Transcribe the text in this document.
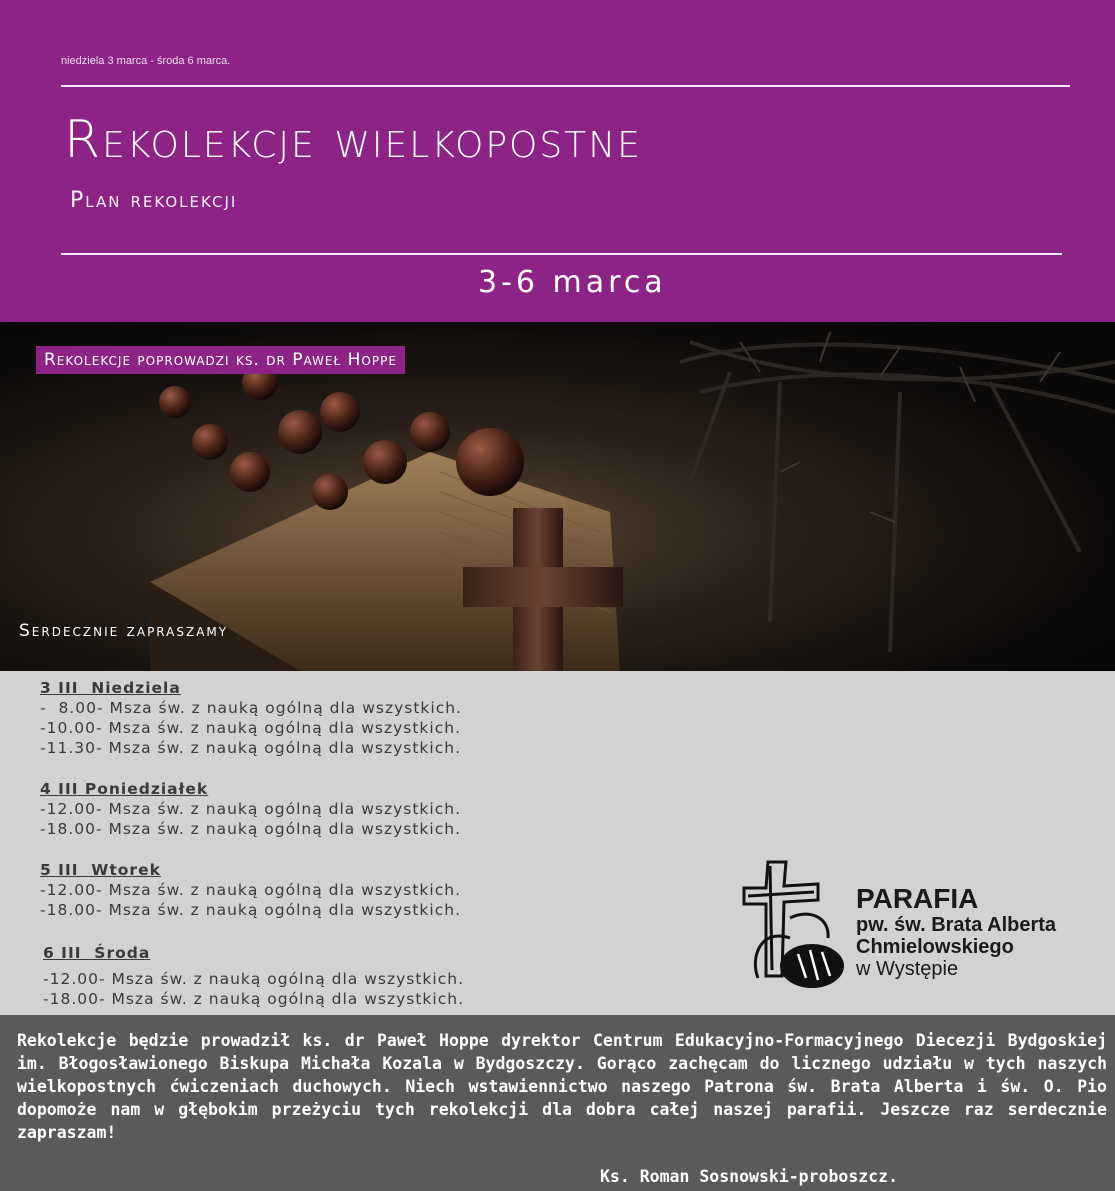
niedziela 3 marca - środa 6 marca.
Rekolekcje wielkopostne
Plan rekolekcji
3-6 marca
Rekolekcje poprowadzi ks. dr Paweł Hoppe
Serdecznie zapraszamy
3 III  Niedziela
-  8.00- Msza św. z nauką ogólną dla wszystkich.
-10.00- Msza św. z nauką ogólną dla wszystkich.
-11.30- Msza św. z nauką ogólną dla wszystkich.
4 III Poniedziałek
-12.00- Msza św. z nauką ogólną dla wszystkich.
-18.00- Msza św. z nauką ogólną dla wszystkich.
5 III  Wtorek
-12.00- Msza św. z nauką ogólną dla wszystkich.
-18.00- Msza św. z nauką ogólną dla wszystkich.
6 III  Środa
-12.00- Msza św. z nauką ogólną dla wszystkich.
-18.00- Msza św. z nauką ogólną dla wszystkich.
PARAFIA
pw. św. Brata Alberta
Chmielowskiego
w Występie
Rekolekcje będzie prowadził ks. dr Paweł Hoppe dyrektor Centrum Edukacyjno-Formacyjnego Diecezji Bydgoskiej im. Błogosławionego Biskupa Michała Kozala w Bydgoszczy. Gorąco zachęcam do licznego udziału w tych naszych wielkopostnych ćwiczeniach duchowych. Niech wstawiennictwo naszego Patrona św. Brata Alberta i św. O. Pio dopomoże nam w głębokim przeżyciu tych rekolekcji dla dobra całej naszej parafii. Jeszcze raz serdecznie zapraszam!
Ks. Roman Sosnowski-proboszcz.
